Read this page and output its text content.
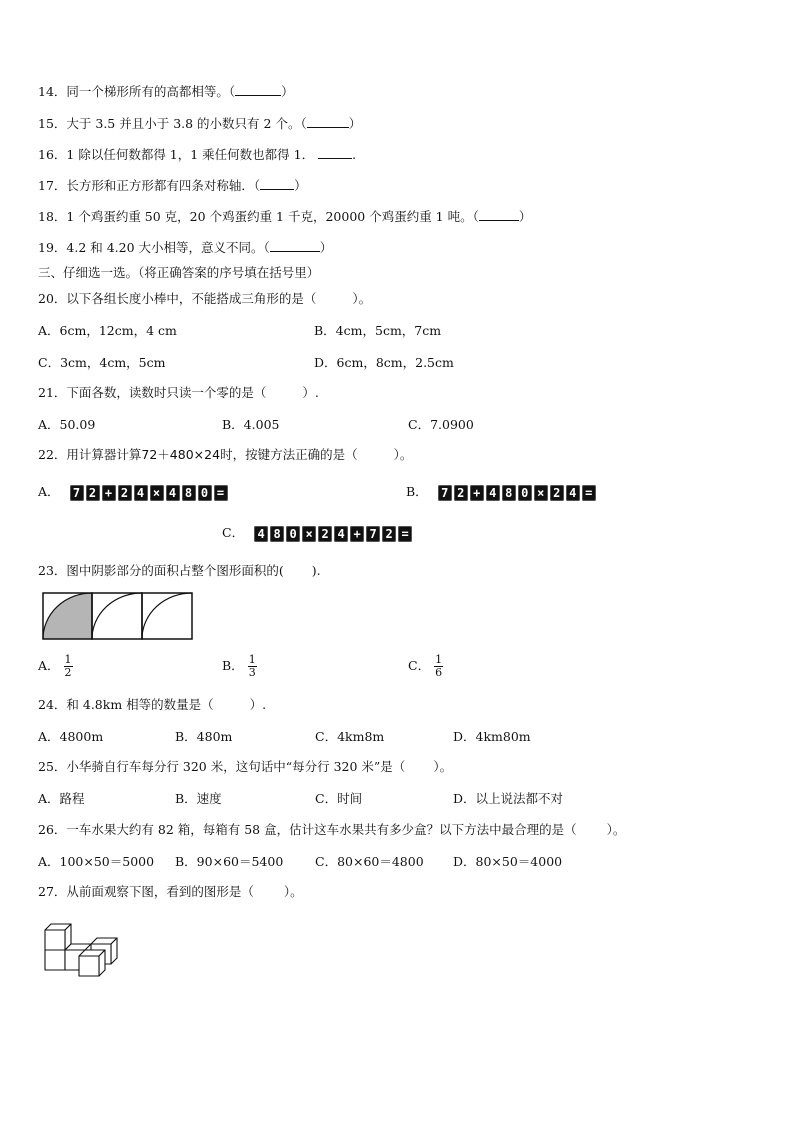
14．同一个梯形所有的高都相等。（	）
15．大于 3.5 并且小于 3.8 的小数只有 2 个。（	）
16．1 除以任何数都得 1，1 乘任何数也都得 1．	.
17．长方形和正方形都有四条对称轴．（	）
18．1 个鸡蛋约重 50 克，20 个鸡蛋约重 1 千克，20000 个鸡蛋约重 1 吨。（	）
19．4.2 和 4.20 大小相等，意义不同。（	）
三、仔细选一选。（将正确答案的序号填在括号里）
20．以下各组长度小棒中，不能搭成三角形的是（	）。
A．6cm，12cm，4 cm	B．4cm，5cm，7cm
C．3cm，4cm，5cm	D．6cm，8cm，2.5cm
21．下面各数，读数时只读一个零的是（	）.
A．50.09	B．4.005	C．7.0900
22．用计算器计算72＋480×24时，按键方法正确的是（	）。
A． 7 2 + 2 4 × 4 8 0 =	B． 7 2 + 4 8 0 × 2 4 =
C． 4 8 0 × 2 4 + 7 2 =
23．图中阴影部分的面积占整个图形面积的( ).
A． $\frac{1}{2}$	B． $\frac{1}{3}$	C． $\frac{1}{6}$
24．和 4.8km 相等的数量是（	）.
A．4800m	B．480m	C．4km8m	D．4km80m
25．小华骑自行车每分行 320 米，这句话中“每分行 320 米”是（ ）。
A．路程	B．速度	C．时间	D．以上说法都不对
26．一车水果大约有 82 箱，每箱有 58 盒，估计这车水果共有多少盒？以下方法中最合理的是（ ）。
A．100×50＝5000 B．90×60＝5400	C．80×60＝4800 D．80×50＝4000
27．从前面观察下图，看到的图形是（ ）。
